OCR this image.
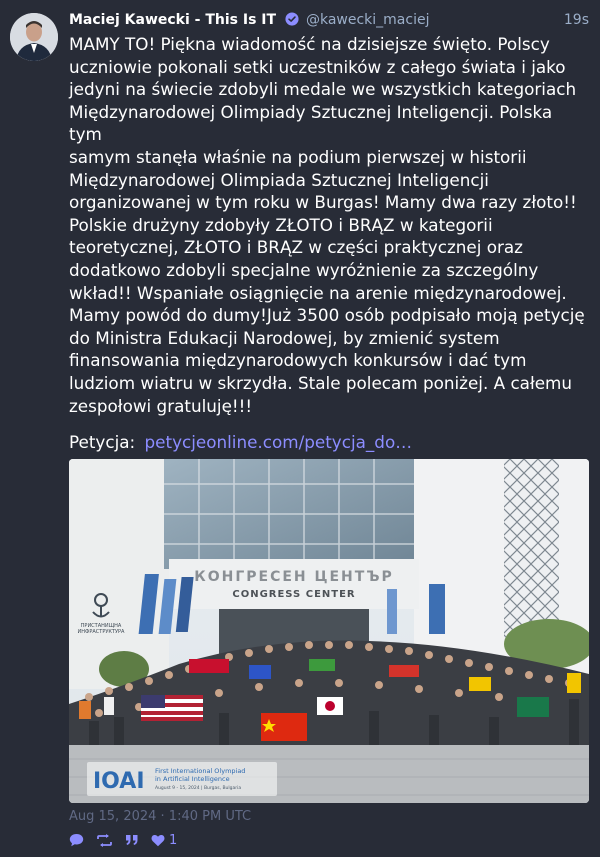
Maciej Kawecki - This Is IT @kawecki_maciej	19s
MAMY TO! Piękna wiadomość na dzisiejsze święto. Polscy
uczniowie pokonali setki uczestników z całego świata i jako
jedyni na świecie zdobyli medale we wszystkich kategoriach
Międzynarodowej Olimpiady Sztucznej Inteligencji. Polska tym
samym stanęła właśnie na podium pierwszej w historii
Międzynarodowej Olimpiada Sztucznej Inteligencji
organizowanej w tym roku w Burgas! Mamy dwa razy złoto!!
Polskie drużyny zdobyły ZŁOTO i BRĄZ w kategorii
teoretycznej, ZŁOTO i BRĄZ w części praktycznej oraz
dodatkowo zdobyli specjalne wyróżnienie za szczególny
wkład!! Wspaniałe osiągnięcie na arenie międzynarodowej.
Mamy powód do dumy!Już 3500 osób podpisało moją petycję
do Ministra Edukacji Narodowej, by zmienić system
finansowania międzynarodowych konkursów i dać tym
ludziom wiatru w skrzydła. Stale polecam poniżej. A całemu
zespołowi gratuluję!!!
Petycja: petycjeonline.com/petycja_do…
КОНГРЕСЕН ЦЕНТЪР
CONGRESS CENTER
ПРИСТАНИЩНА
ИНФРАСТРУКТУРА
IOAI First International Olympiad
in Artificial Intelligence
August 9 - 15, 2024 | Burgas, Bulgaria
Aug 15, 2024 · 1:40 PM UTC
1
